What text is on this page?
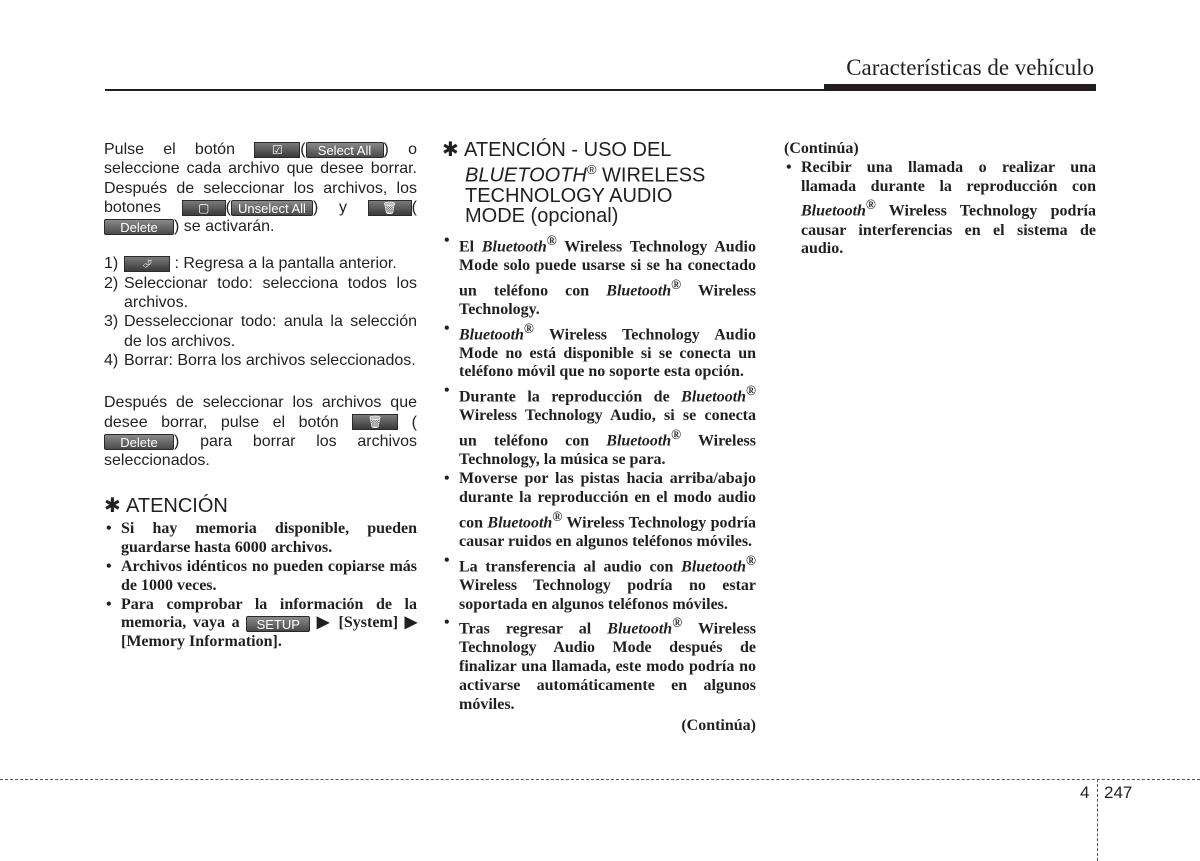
Características de vehículo

Pulse el botón	☑ ( Select All ) o seleccione cada archivo que desee borrar. Después de seleccionar los archivos, los botones	▢ ( Unselect All ) y	🗑 (Delete ) se activarán.

1) ⮰ : Regresa a la pantalla anterior.
2) Seleccionar todo: selecciona todos los archivos.
3) Desseleccionar todo: anula la selección de los archivos.
4) Borrar: Borra los archivos seleccionados.

Después de seleccionar los archivos que desee borrar, pulse el botón 🗑 (Delete ) para borrar los archivos seleccionados.

✱ ATENCIÓN
• Si hay memoria disponible, pueden guardarse hasta 6000 archivos.
• Archivos idénticos no pueden copiarse más de 1000 veces.
• Para comprobar la información de la memoria, vaya a SETUP ▶ [System] ▶ [Memory Information].
✱ ATENCIÓN - USO DEL
BLUETOOTH® WIRELESS
TECHNOLOGY AUDIO
MODE (opcional)
• El Bluetooth® Wireless Technology Audio Mode solo puede usarse si se ha conectado un teléfono con Bluetooth® Wireless Technology.
• Bluetooth® Wireless Technology Audio Mode no está disponible si se conecta un teléfono móvil que no soporte esta opción.
• Durante la reproducción de Bluetooth® Wireless Technology Audio, si se conecta un teléfono con Bluetooth® Wireless Technology, la música se para.
• Moverse por las pistas hacia arriba/abajo durante la reproducción en el modo audio con Bluetooth® Wireless Technology podría causar ruidos en algunos teléfonos móviles.
• La transferencia al audio con Bluetooth® Wireless Technology podría no estar soportada en algunos teléfonos móviles.
• Tras regresar al Bluetooth® Wireless Technology Audio Mode después de finalizar una llamada, este modo podría no activarse automáticamente en algunos móviles.

(Continúa)

(Continúa)

• Recibir una llamada o realizar una llamada durante la reproducción con Bluetooth® Wireless Technology podría causar interferencias en el sistema de audio.
4 247
